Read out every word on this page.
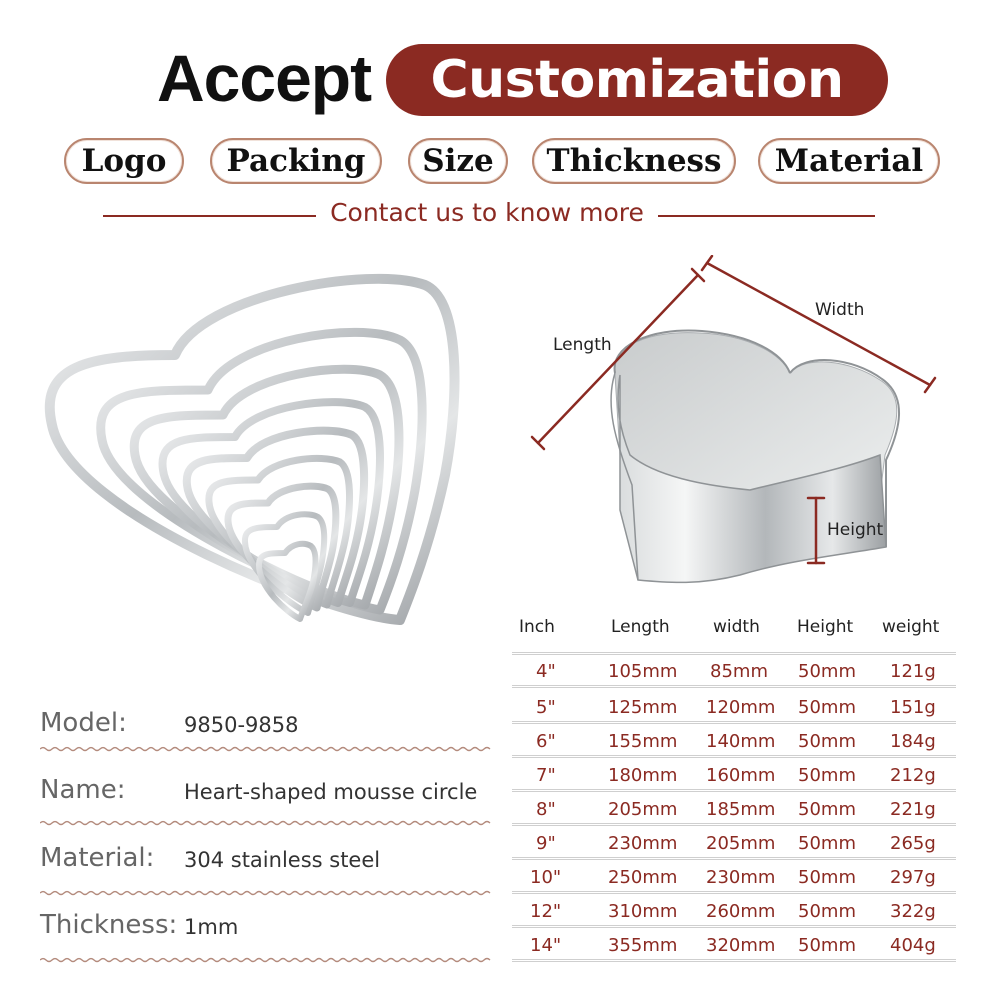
Accept Customization
Logo Packing Size Thickness Material
Contact us to know more
Length
Width
Height
Model:	9850-9858
Name:	Heart-shaped mousse circle
Material: 304 stainless steel
Thickness: 1mm
Inch	Length	width Height weight
4"	105mm 85mm 50mm 121g
5"	125mm 120mm 50mm 151g
6"	155mm 140mm 50mm 184g
7"	180mm 160mm 50mm 212g
8"	205mm 185mm 50mm 221g
9"	230mm 205mm 50mm 265g
10"	250mm 230mm 50mm 297g
12"	310mm 260mm 50mm 322g
14"	355mm 320mm 50mm 404g
